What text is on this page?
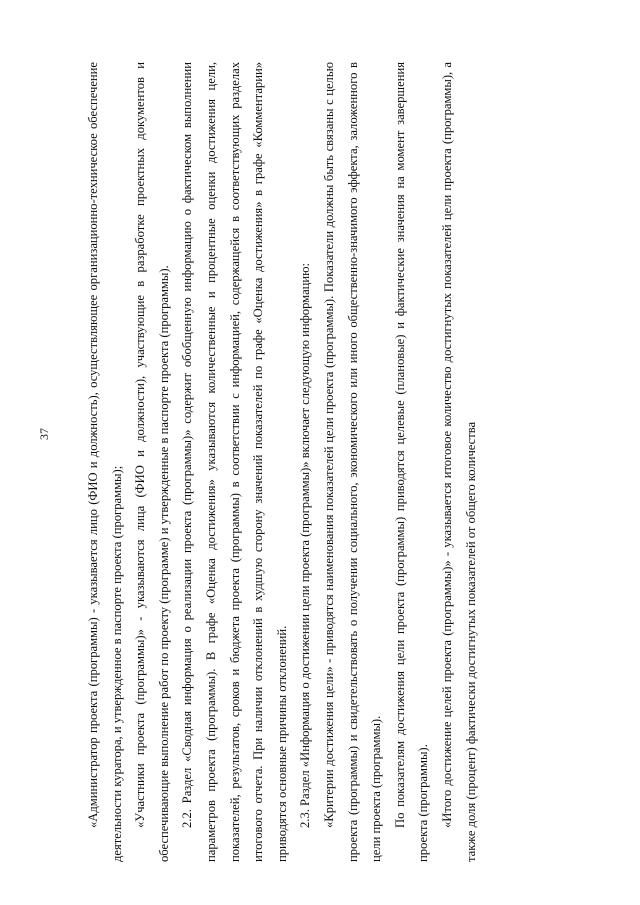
37	«Администратор проекта (программы) - указывается лицо (ФИО и должность), осуществляющее организационно-техническое обеспечение деятельности куратора, и утвержденное в паспорте проекта (программы); «Участники проекта (программы)» - указываются лица (ФИО и должности), участвующие в разработке проектных документов и обеспечивающие выполнение работ по проекту (программе) и утвержденные в паспорте проекта (программы). 2.2. Раздел «Сводная информация о реализации проекта (программы)» содержит обобщенную информацию о фактическом выполнении параметров проекта (программы). В графе «Оценка достижения» указываются количественные и процентные оценки достижения цели, показателей, результатов, сроков и бюджета проекта (программы) в соответствии с информацией, содержащейся в соответствующих разделах итогового отчета. При наличии отклонений в худшую сторону значений показателей по графе «Оценка достижения» в графе «Комментарии» приводятся основные причины отклонений. 2.3. Раздел «Информация о достижении цели проекта (программы)» включает следующую информацию: «Критерии достижения цели» - приводятся наименования показателей цели проекта (программы). Показатели должны быть связаны с целью проекта (программы) и свидетельствовать о получении социального, экономического или иного общественно-значимого эффекта, заложенного в цели проекта (программы). По показателям достижения цели проекта (программы) приводятся целевые (плановые) и фактические значения на момент завершения проекта (программы). «Итого достижение целей проекта (программы)» - указывается итоговое количество достигнутых показателей цели проекта (программы), а также доля (процент) фактически достигнутых показателей от общего количества
